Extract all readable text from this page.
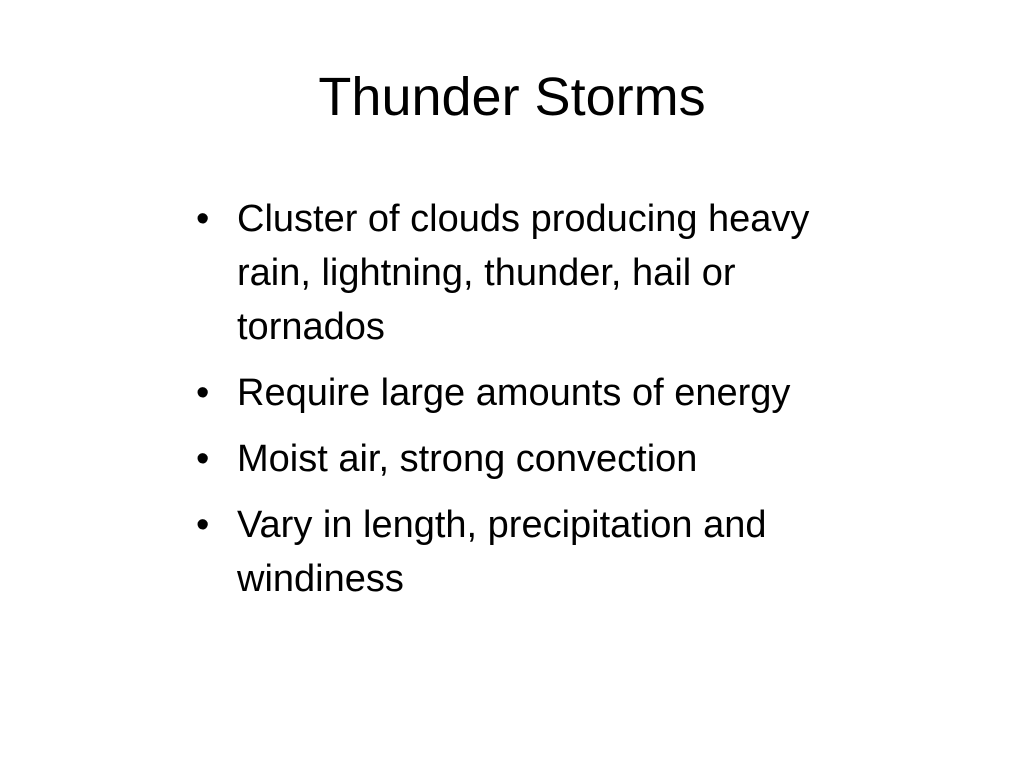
Thunder Storms
• Cluster of clouds producing heavy rain, lightning, thunder, hail or tornados
• Require large amounts of energy
• Moist air, strong convection
• Vary in length, precipitation and windiness
